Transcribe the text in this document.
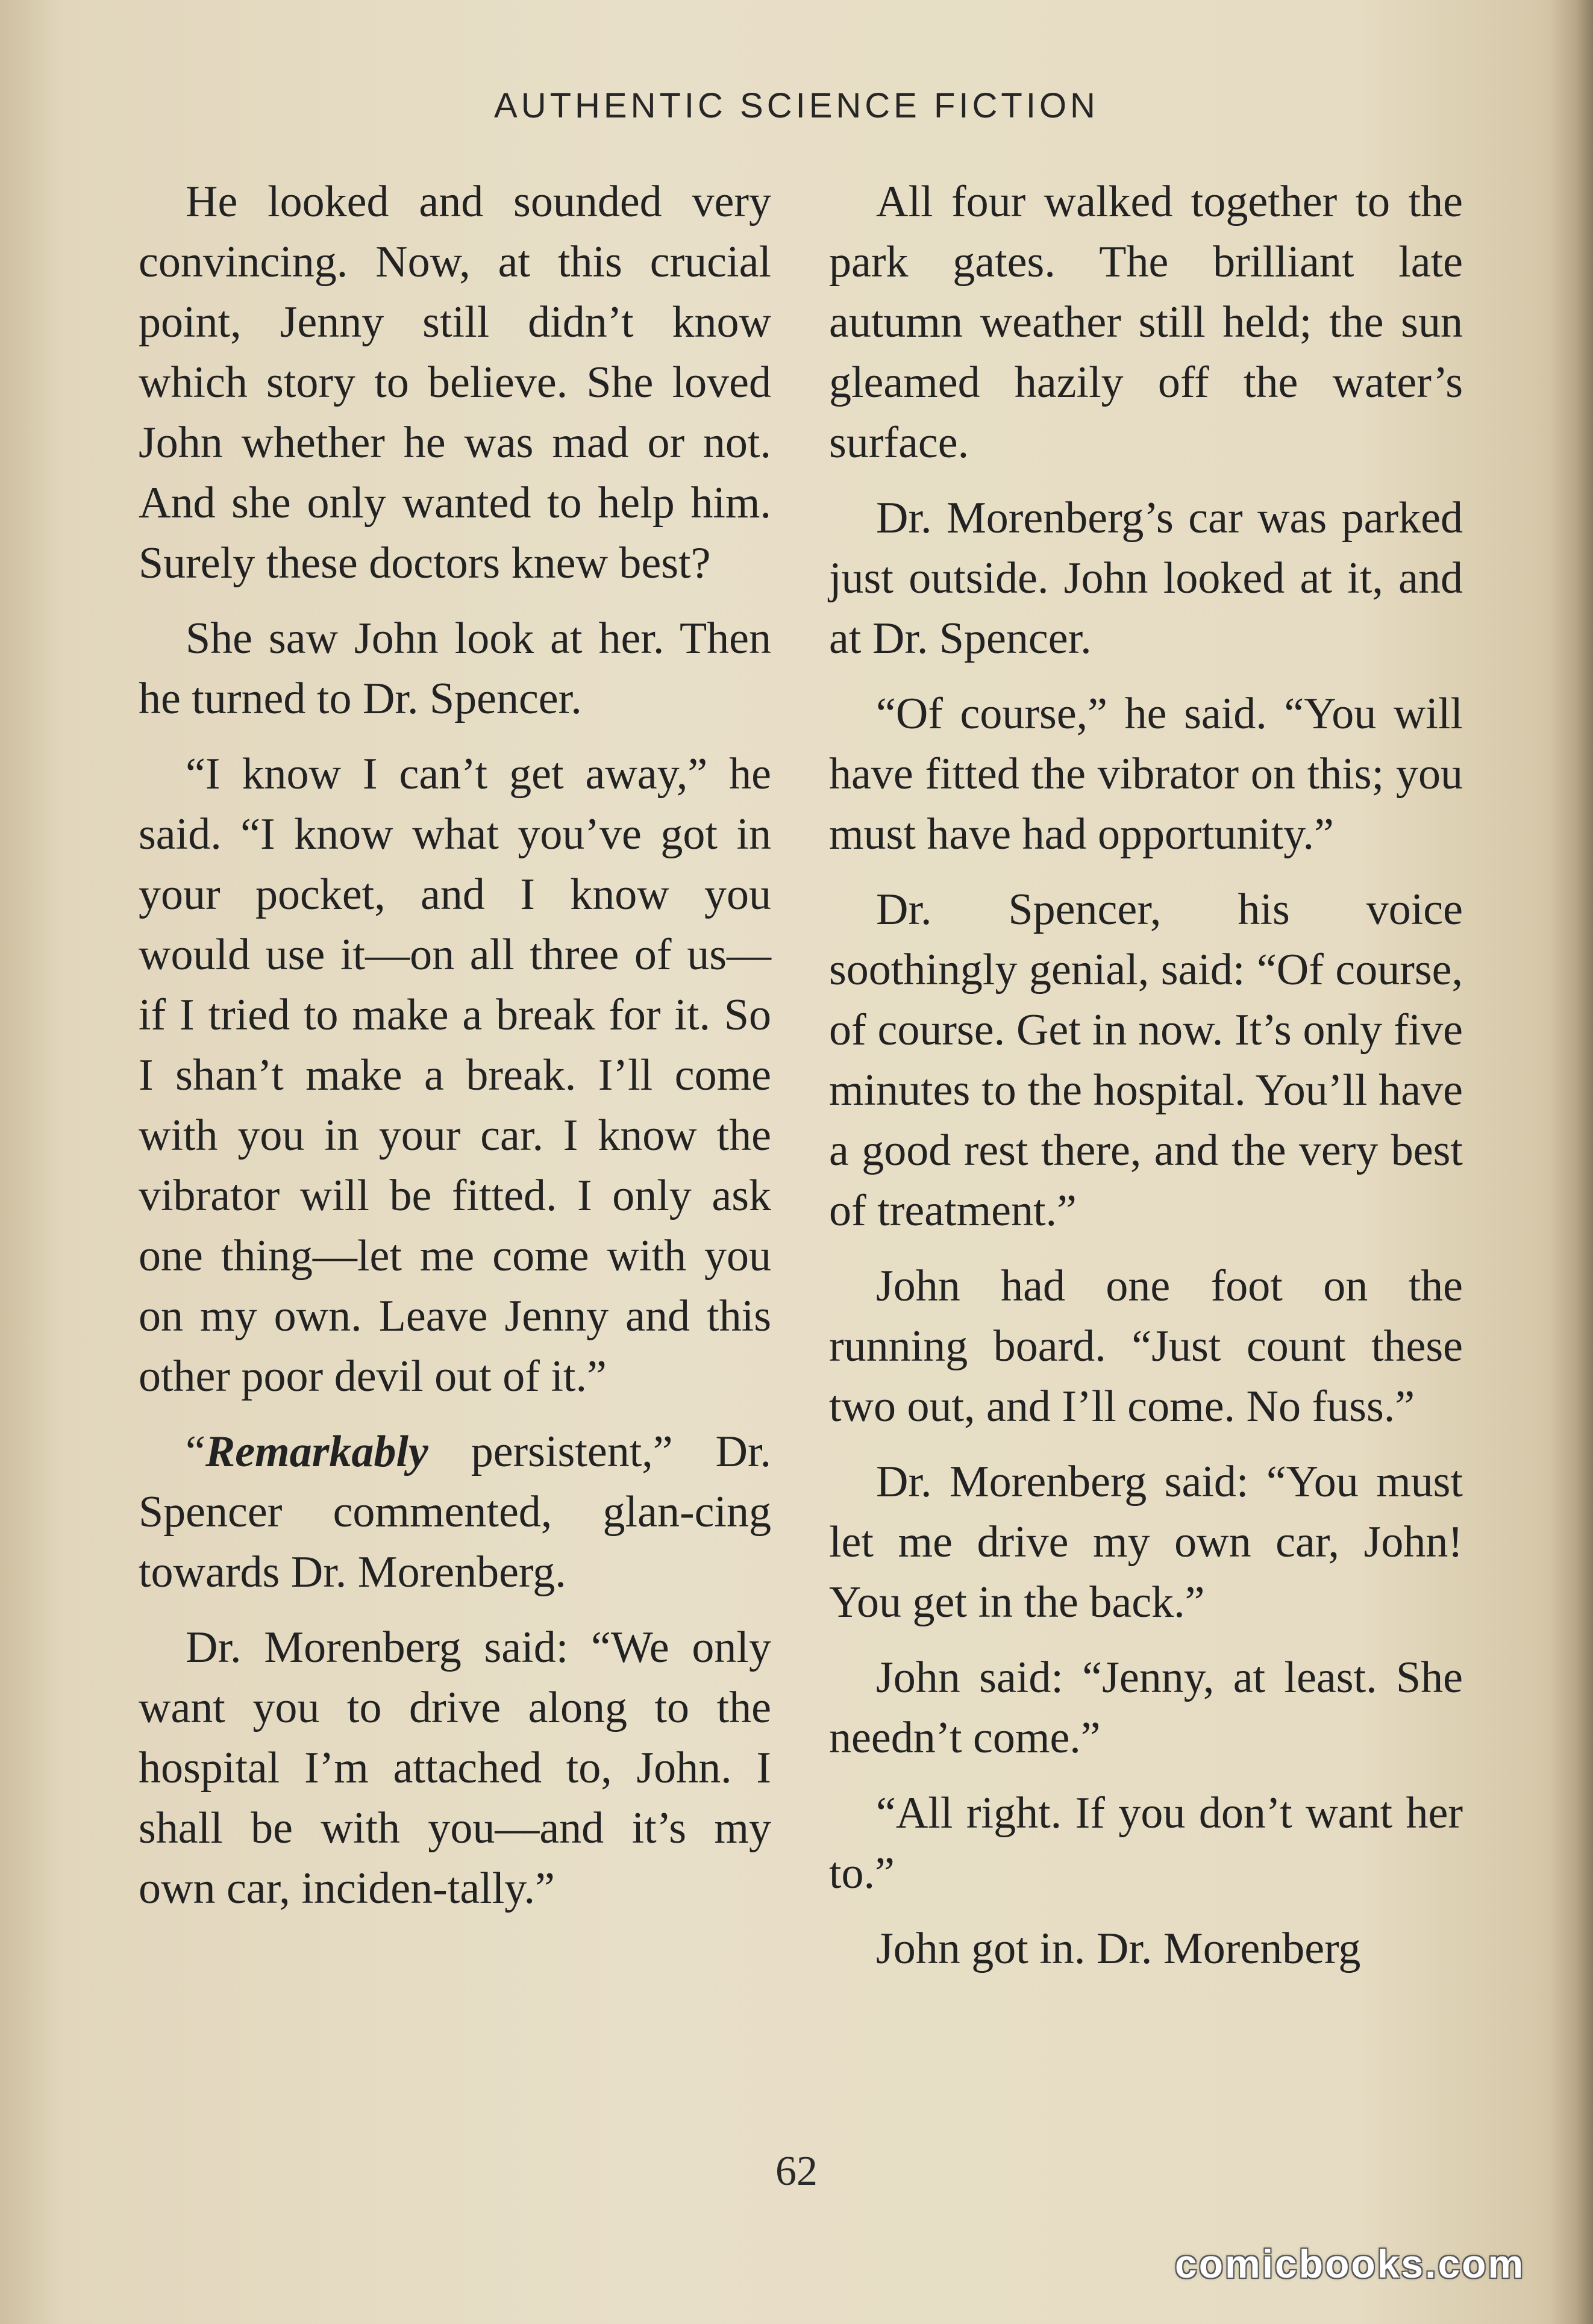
AUTHENTIC SCIENCE FICTION

He looked and sounded very convincing. Now, at this crucial point, Jenny still didn’t know which story to believe. She loved John whether he was mad or not. And she only wanted to help him. Surely these doctors knew best?

She saw John look at her. Then he turned to Dr. Spencer.

“I know I can’t get away,” he said. “I know what you’ve got in your pocket, and I know you would use it—on all three of us—if I tried to make a break for it. So I shan’t make a break. I’ll come with you in your car. I know the vibrator will be fitted. I only ask one thing—let me come with you on my own. Leave Jenny and this other poor devil out of it.”

“Remarkably persistent,” Dr. Spencer commented, glan-cing towards Dr. Morenberg.

Dr. Morenberg said: “We only want you to drive along to the hospital I’m attached to, John. I shall be with you—and it’s my own car, inciden-tally.”

All four walked together to the park gates. The brilliant late autumn weather still held; the sun gleamed hazily off the water’s surface.

Dr. Morenberg’s car was parked just outside. John looked at it, and at Dr. Spencer.

“Of course,” he said. “You will have fitted the vibrator on this; you must have had opportunity.”

Dr. Spencer, his voice soothingly genial, said: “Of course, of course. Get in now. It’s only five minutes to the hospital. You’ll have a good rest there, and the very best of treatment.”

John had one foot on the running board. “Just count these two out, and I’ll come. No fuss.”

Dr. Morenberg said: “You must let me drive my own car, John! You get in the back.”

John said: “Jenny, at least. She needn’t come.”

“All right. If you don’t want her to.”

John got in. Dr. Morenberg

62
comicbooks.com
